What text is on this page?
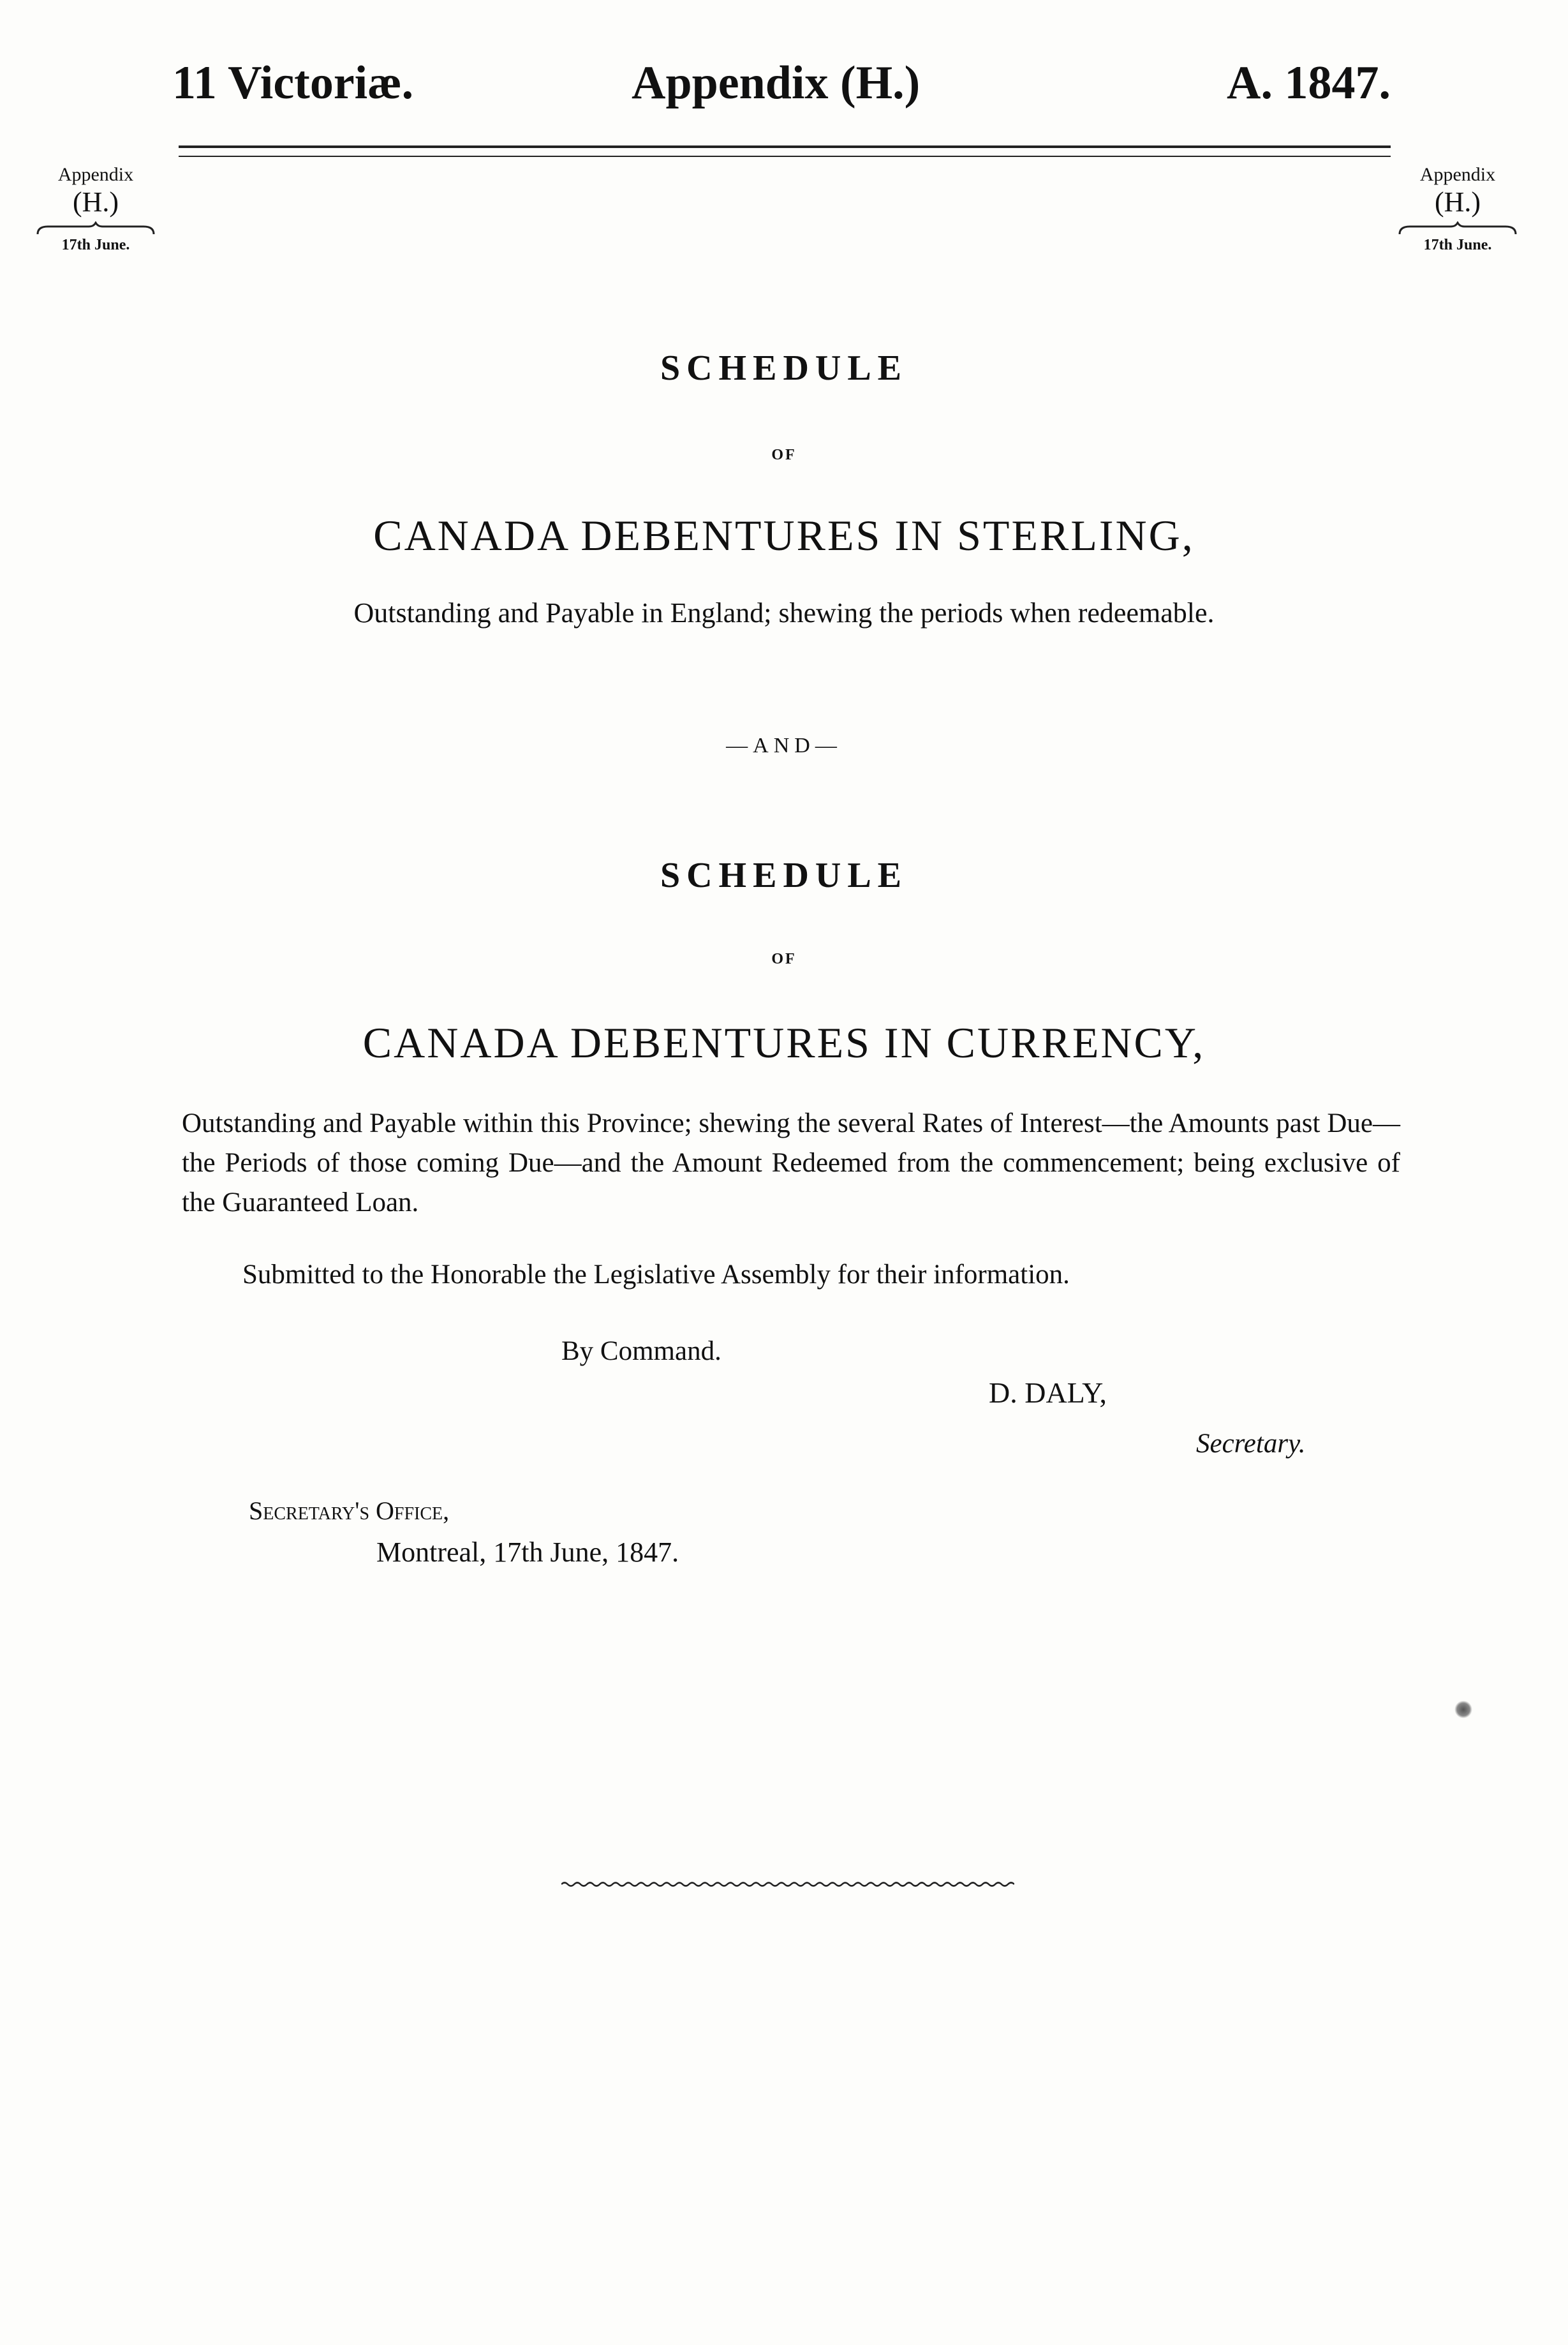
11 Victoriæ.	Appendix (H.)	A. 1847.
Appendix
(H.)
17th June.
Appendix
(H.)
17th June.
SCHEDULE
OF
CANADA DEBENTURES IN STERLING,
Outstanding and Payable in England; shewing the periods when redeemable.
—AND—
SCHEDULE
OF
CANADA DEBENTURES IN CURRENCY,
Outstanding and Payable within this Province; shewing the several Rates of Interest—the Amounts past Due—the Periods of those coming Due—and the Amount Redeemed from the commencement; being exclusive of the Guaranteed Loan.
Submitted to the Honorable the Legislative Assembly for their information.
By Command.
D. DALY,
Secretary.
Secretary's Office,
Montreal, 17th June, 1847.
